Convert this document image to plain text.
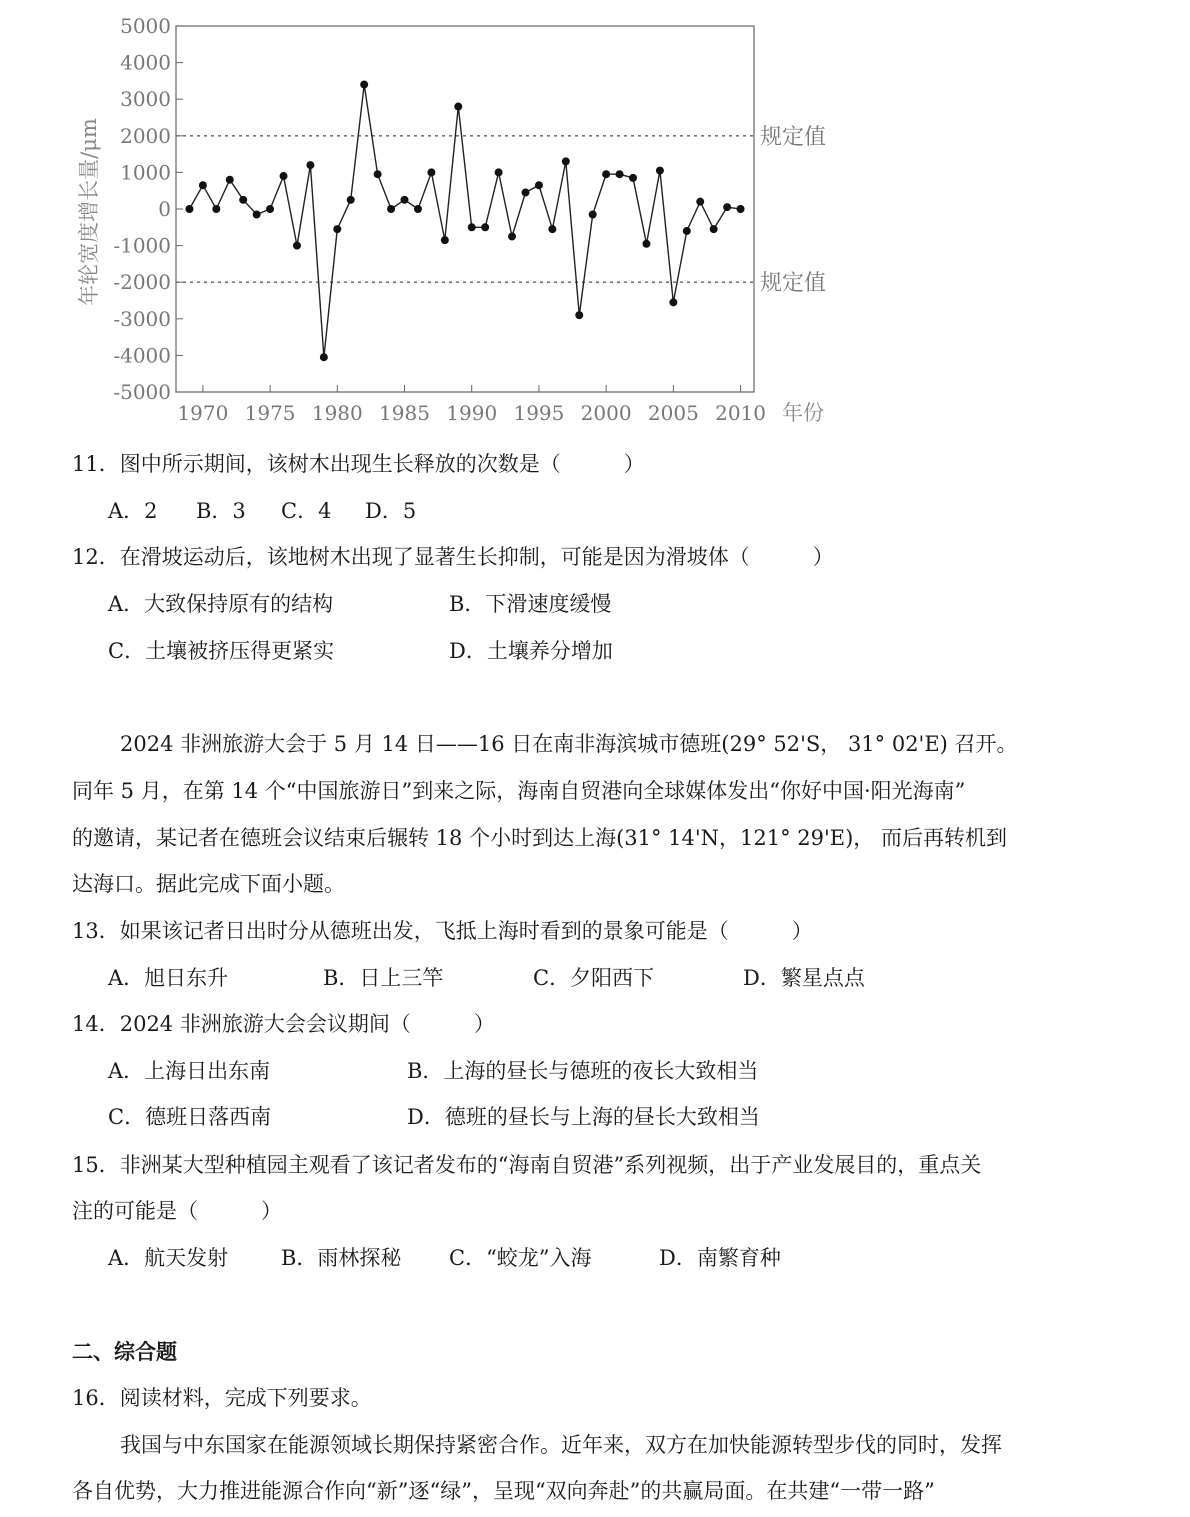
5000
4000
3000
2000
1000
0
-1000
-2000
-3000
-4000
-5000
1970 1975 1980 1985 1990 1995 2000 2005 2010
规定值
规定值
年轮宽度增长量/μm
年份
11．图中所示期间，该树木出现生长释放的次数是（　　　）
A．2 B．3 C．4 D．5
12．在滑坡运动后，该地树木出现了显著生长抑制，可能是因为滑坡体（　　　）
A．大致保持原有的结构	B．下滑速度缓慢
C．土壤被挤压得更紧实	D．土壤养分增加
2024 非洲旅游大会于 5 月 14 日——16 日在南非海滨城市德班(29° 52'S， 31° 02'E) 召开。
同年 5 月，在第 14 个“中国旅游日”到来之际，海南自贸港向全球媒体发出“你好中国·阳光海南”
的邀请，某记者在德班会议结束后辗转 18 个小时到达上海(31° 14'N，121° 29'E)， 而后再转机到
达海口。据此完成下面小题。
13．如果该记者日出时分从德班出发，飞抵上海时看到的景象可能是（　　　）
A．旭日东升	B．日上三竿	C．夕阳西下	D．繁星点点
14．2024 非洲旅游大会会议期间（　　　）
A．上海日出东南	B．上海的昼长与德班的夜长大致相当
C．德班日落西南	D．德班的昼长与上海的昼长大致相当
15．非洲某大型种植园主观看了该记者发布的“海南自贸港”系列视频，出于产业发展目的，重点关
注的可能是（　　　）
A．航天发射	B．雨林探秘 C．“蛟龙”入海	D．南繁育种
二、综合题
16．阅读材料，完成下列要求。
我国与中东国家在能源领域长期保持紧密合作。近年来，双方在加快能源转型步伐的同时，发挥
各自优势，大力推进能源合作向“新”逐“绿”，呈现“双向奔赴”的共赢局面。在共建“一带一路”
